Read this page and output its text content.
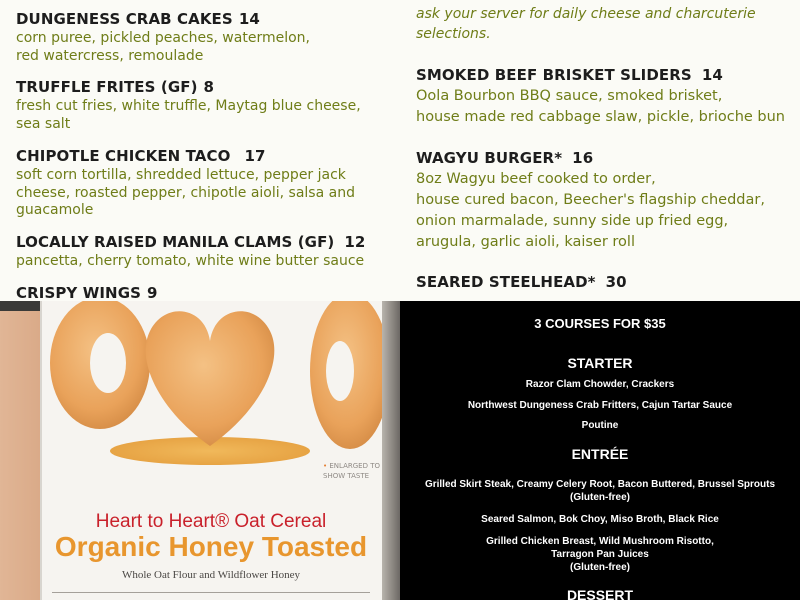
DUNGENESS CRAB CAKES 14
corn puree, pickled peaches, watermelon,
red watercress, remoulade
TRUFFLE FRITES (GF) 8
fresh cut fries, white truffle, Maytag blue cheese,
sea salt
CHIPOTLE CHICKEN TACO 17
soft corn tortilla, shredded lettuce, pepper jack
cheese, roasted pepper, chipotle aioli, salsa and
guacamole
LOCALLY RAISED MANILA CLAMS (GF) 12
pancetta, cherry tomato, white wine butter sauce
CRISPY WINGS 9
ask your server for daily cheese and charcuterie
selections.
SMOKED BEEF BRISKET SLIDERS 14
Oola Bourbon BBQ sauce, smoked brisket,
house made red cabbage slaw, pickle, brioche bun
WAGYU BURGER* 16
8oz Wagyu beef cooked to order,
house cured bacon, Beecher's flagship cheddar,
onion marmalade, sunny side up fried egg,
arugula, garlic aioli, kaiser roll
SEARED STEELHEAD* 30
• ENLARGED TO
SHOW TASTE
Heart to Heart® Oat Cereal
Organic Honey Toasted
Whole Oat Flour and Wildflower Honey
3 COURSES FOR $35
STARTER
Razor Clam Chowder, Crackers
Northwest Dungeness Crab Fritters, Cajun Tartar Sauce
Poutine
ENTRÉE
Grilled Skirt Steak, Creamy Celery Root, Bacon Buttered, Brussel Sprouts
(Gluten-free)
Seared Salmon, Bok Choy, Miso Broth, Black Rice
Grilled Chicken Breast, Wild Mushroom Risotto,
Tarragon Pan Juices
(Gluten-free)
DESSERT
